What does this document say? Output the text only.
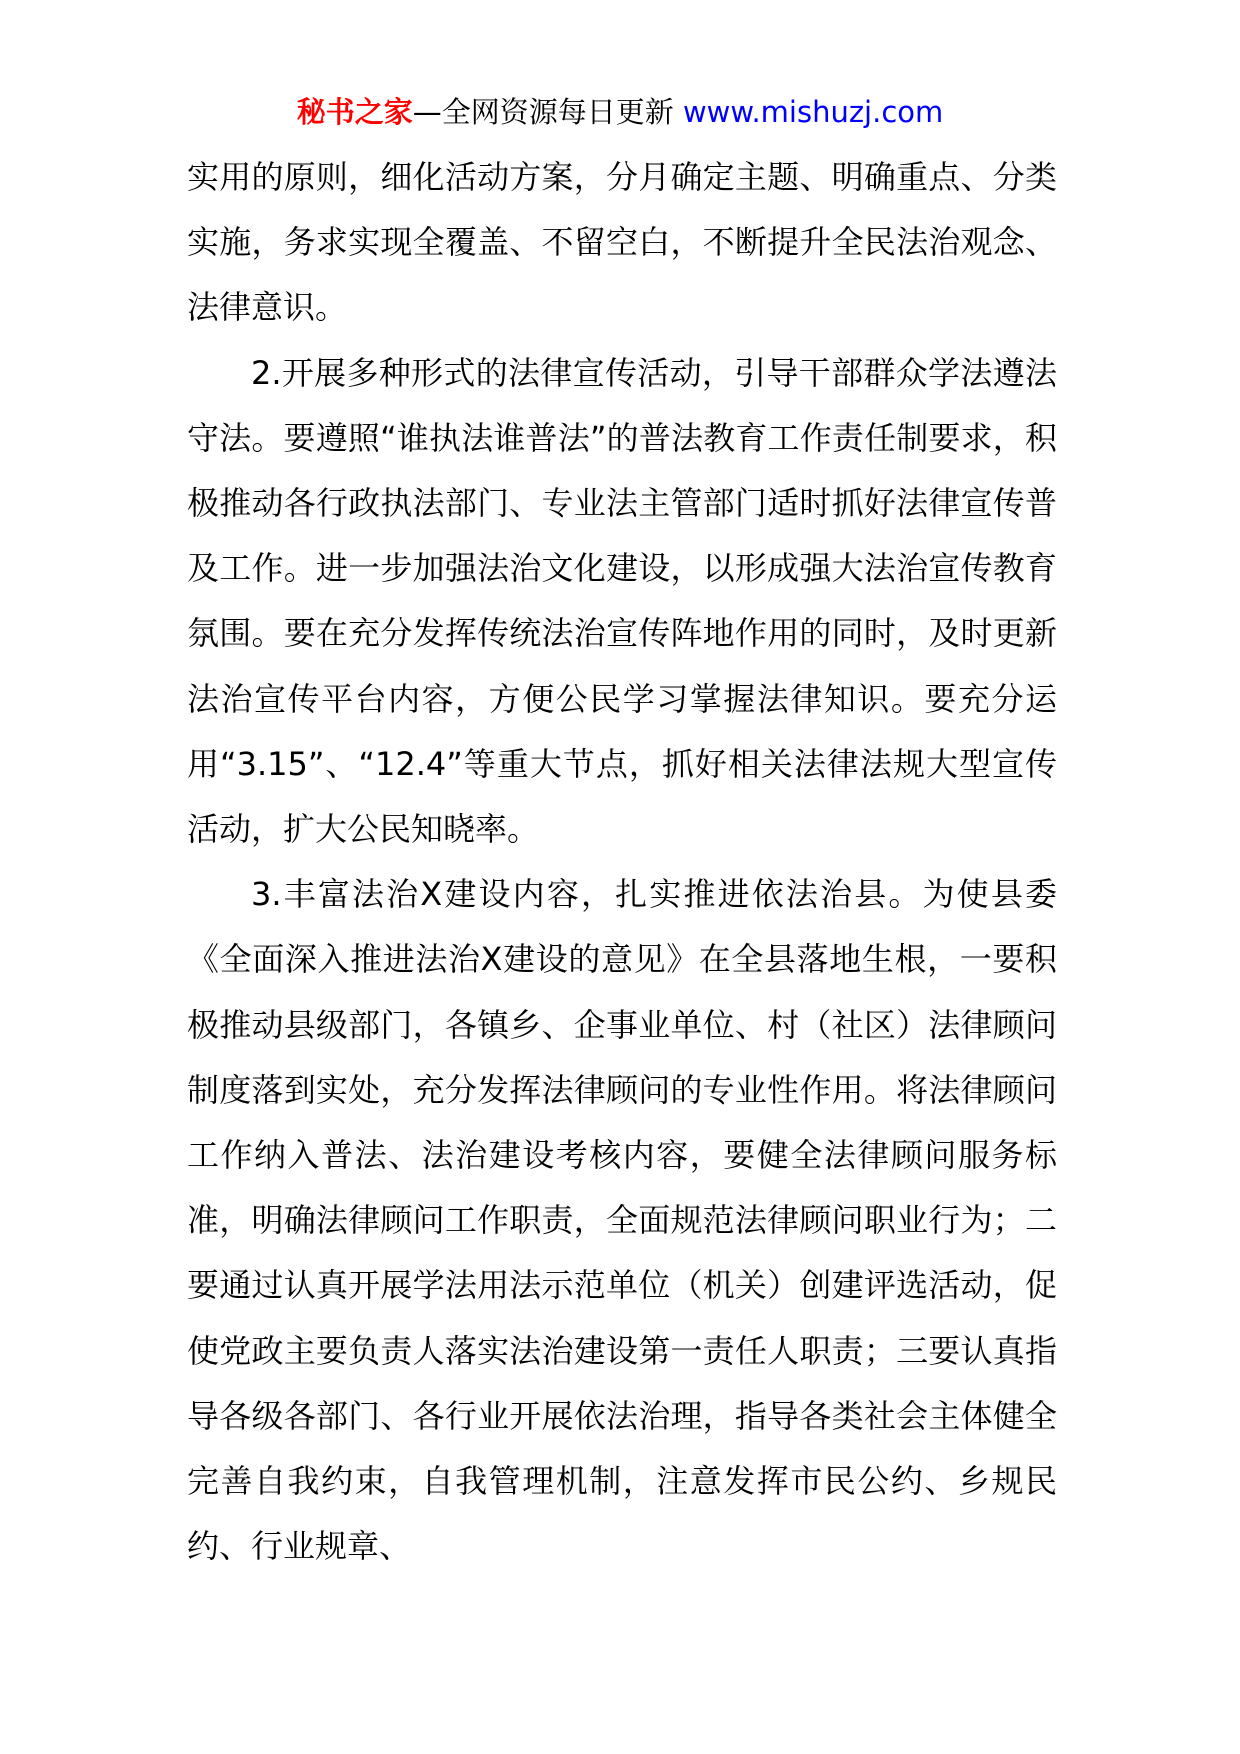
秘书之家—全网资源每日更新 www.mishuzj.com

实用的原则，细化活动方案，分月确定主题、明确重点、分类实施，务求实现全覆盖、不留空白，不断提升全民法治观念、法律意识。

2.开展多种形式的法律宣传活动，引导干部群众学法遵法守法。要遵照“谁执法谁普法”的普法教育工作责任制要求，积极推动各行政执法部门、专业法主管部门适时抓好法律宣传普及工作。进一步加强法治文化建设，以形成强大法治宣传教育氛围。要在充分发挥传统法治宣传阵地作用的同时，及时更新法治宣传平台内容，方便公民学习掌握法律知识。要充分运用“3.15”、“12.4”等重大节点，抓好相关法律法规大型宣传活动，扩大公民知晓率。

3.丰富法治X建设内容，扎实推进依法治县。为使县委《全面深入推进法治X建设的意见》在全县落地生根，一要积极推动县级部门，各镇乡、企事业单位、村（社区）法律顾问制度落到实处，充分发挥法律顾问的专业性作用。将法律顾问工作纳入普法、法治建设考核内容，要健全法律顾问服务标准，明确法律顾问工作职责，全面规范法律顾问职业行为；二要通过认真开展学法用法示范单位（机关）创建评选活动，促使党政主要负责人落实法治建设第一责任人职责；三要认真指导各级各部门、各行业开展依法治理，指导各类社会主体健全完善自我约束，自我管理机制，注意发挥市民公约、乡规民约、行业规章、
